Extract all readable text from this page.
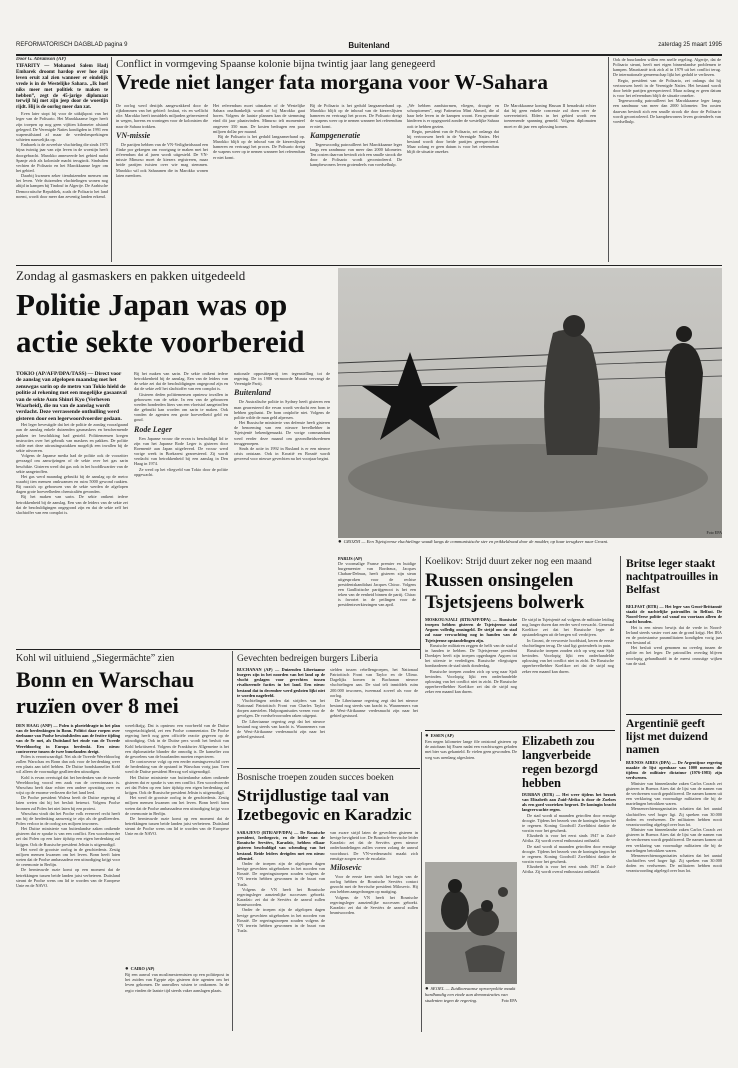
REFORMATORISCH DAGBLAD pagina 9	Buitenland	zaterdag 25 maart 1995
Door G. Abramson (AP)

TIFARITY — Mohamed Salem Hadj Embarek droomt hardop over hoe zijn leven eruit zal zien wanneer er eindelijk vrede is in de Westelijke Sahara. „Ik hoef niks meer met politiek te maken te hebben”, zegt de 45-jarige diplomaat terwijl hij met zijn jeep door de woestijn rijdt. Hij is de oorlog meer dan zat.

Even later stopt hij voor de uitkijkpost van het leger van de Polisario. Het Marokkaanse leger heeft zijn troepen op nog geen vijftien kilometer afstand gelegerd. De Verenigde Naties kondigden in 1991 een wapenstilstand af maar de vredesbesprekingen schieten nauwelijks op.

Embarek is de zoveelste vluchteling die sinds 1975 bijna twintig jaar van zijn leven in de woestijn heeft doorgebracht. Marokko annexeerde het gebied nadat Spanje zich als koloniale macht terugtrok. Sindsdien vechten de Polisario en het Marokkaanse leger om het gebied.

Daarbij kwamen zeker tienduizenden mensen om het leven. Vele duizenden vluchtelingen wonen nog altijd in kampen bij Tindouf in Algerije. De Arabische Democratische Republiek, zoals de Polisario het land noemt, wordt door meer dan zeventig landen erkend.

Conflict in vormgeving Spaanse kolonie bijna twintig jaar lang genegeerd
Vrede niet langer fata morgana voor W-Sahara

De oorlog werd destijds aangewakkerd door de rijkdommen van het gebied: fosfaat, vis en wellicht olie. Marokko heeft inmiddels miljarden geïnvesteerd in wegen, havens en woningen voor de kolonisten die naar de Sahara trokken.

VN-missie

De partijen hebben van de VN-Veiligheidsraad een flinke por gekregen om voortgang te maken met het referendum dat al jaren wordt uitgesteld. De VN-missie Minurso moet de kiezers registreren, maar beide partijen twisten over wie mag stemmen. Marokko wil ook Saharanen die in Marokko wonen laten meedoen.

Het referendum moet uitmaken of de Westelijke Sahara onafhankelijk wordt of bij Marokko gaat horen. Volgens de laatste plannen kan de stemming eind dit jaar plaatsvinden. Minurso telt momenteel ongeveer 350 man. De kosten bedragen een paar miljoen dollar per maand.

Bij de Polisario is het geduld langzamerhand op. Marokko blijft op de inhoud van de kiezerslijsten hameren en vertraagt het proces. De Polisario dreigt de wapens weer op te nemen wanneer het referendum er niet komt.

Bij de Polisario is het geduld langzamerhand op. Marokko blijft op de inhoud van de kiezerslijsten hameren en vertraagt het proces. De Polisario dreigt de wapens weer op te nemen wanneer het referendum er niet komt.

Kampgeneratie

Tegenwoordig patrouilleert het Marokkaanse leger langs een zandmuur van meer dan 2000 kilometer. Ten oosten daarvan bevindt zich een smalle strook die door de Polisario wordt gecontroleerd. De kampbewoners leven grotendeels van voedselhulp.

„We hebben zandstormen, vliegen, droogte en schorpioenen”, zegt Fatimetou Mint Ahmed, die al haar hele leven in de kampen woont. Een generatie kinderen is er opgegroeid zonder de westelijke Sahara ooit te hebben gezien.

Regio, president van de Polisario, zei onlangs dat hij vertrouwen heeft in de Verenigde Naties. Het bestand wordt door beide partijen gerespecteerd. Maar zolang er geen datum is voor het referendum blijft de situatie onzeker.

De Marokkaanse koning Hassan II benadrukt echter dat hij geen enkele concessie zal doen over de soevereiniteit. Elders in het gebied wordt een toenemende spanning gemeld. Volgens diplomaten moet er dit jaar een oplossing komen.

Ook de buurlanden willen een snelle regeling. Algerije, dat de Polisario steunt, heeft met eigen binnenlandse problemen te kampen. Mauritanië trok zich al in 1979 uit het conflict terug. De internationale gemeenschap lijkt het geduld te verliezen.

Regio, president van de Polisario, zei onlangs dat hij vertrouwen heeft in de Verenigde Naties. Het bestand wordt door beide partijen gerespecteerd. Maar zolang er geen datum is voor het referendum blijft de situatie onzeker.

Tegenwoordig patrouilleert het Marokkaanse leger langs een zandmuur van meer dan 2000 kilometer. Ten oosten daarvan bevindt zich een smalle strook die door de Polisario wordt gecontroleerd. De kampbewoners leven grotendeels van voedselhulp.

Zondag al gasmaskers en pakken uitgedeeld
Politie Japan was op actie sekte voorbereid

TOKIO (AP/AFP/DPA/TASS) — Direct voor de aanslag van afgelopen maandag met het zenuwgas sarin op de metro van Tokio hield de politie al rekening met een mogelijke gasaanval van de sekte Aum Shinri Kyo (Verheven Waarheid), die nu van de aanslag wordt verdacht. Deze verrassende onthulling werd gisteren door een legerwoordvoerder gedaan.

Het leger bevestigde dat het de politie de zondag voorafgaand aan de aanslag enkele duizenden gasmaskers en beschermende pakken ter beschikking had gesteld. Politiemensen kregen instructies over het gebruik van maskers en pakken. De politie wilde met deze uitrustingsstukken mogelijk een invallen bij de sekte uitvoeren.

Volgens de Japanse media had de politie ook de voorzitter gevraagd om aanwijzingen of de sekte over het gas sarin beschikte. Gisteren werd dat gas ook in het hoofdkwartier van de sekte aangetroffen.

Het gas werd maandag gebruikt bij de aanslag op de metro waarbij tien mensen omkwamen en ruim 5000 gewond raakten. Bij razzia's op gebouwen van de sekte werden de afgelopen dagen grote hoeveelheden chemicaliën gevonden.

Bij het maken van sarin. De sekte ontkent iedere betrokkenheid bij de aanslag. Een van de leiders van de sekte zei dat de beschuldigingen ongegrond zijn en dat de sekte zelf het slachtoffer van een complot is.

Bij het maken van sarin. De sekte ontkent iedere betrokkenheid bij de aanslag. Een van de leiders van de sekte zei dat de beschuldigingen ongegrond zijn en dat de sekte zelf het slachtoffer van een complot is.

Gisteren deden politiemensen opnieuw invallen in gebouwen van de sekte. In een van de gebouwen werden honderden liters van een vloeistof aangetroffen die gebruikt kan worden om sarin te maken. Ook vonden de agenten een grote hoeveelheid geld en goud.

Rode Leger

Een Japanse vrouw die ervan is beschuldigd lid te zijn van het Japanse Rode Leger is gisteren door Roemenië aan Japan uitgeleverd. De vrouw werd vorige week in Boekarest gearresteerd. Zij wordt verdacht van betrokkenheid bij een aanslag in Den Haag in 1974.

Ze werd op het vliegveld van Tokio door de politie opgewacht.

nationale oppositiepartij ten tegenstelling tot de regering. De in 1988 vermoorde Murata vervangt de Verenigde Partij.

Buitenland

De Australische politie in Sydney heeft gisteren een man gearresteerd die ervan wordt verdacht een bom te hebben geplaatst. De bom ontplofte niet. Volgens de politie wilde de man geld afpersen.

Het Russische ministerie van defensie heeft gisteren de benoeming van een nieuwe bevelhebber in Tsjetsjenië bekendgemaakt. De vorige commandant werd eerder deze maand om gezondheidsredenen teruggeroepen.

Sinds de actie in 1992 in Rusland is er een nieuwe crisis ontstaan. Ook in Kroatië en Bosnië wordt gevreesd voor nieuwe gevechten nu het voorjaar begint.

● GROZNI — Een Tsjetsjeense vluchtelinge waadt langs de communistische ster en prikkeldraad door de modder, op haar terugkeer naar Grozni.
Foto EPA

PARIJS (AP)

De voormalige Franse premier en huidige burgemeester van Bordeaux, Jacques Chaban-Delmas, heeft gisteren zijn steun uitgesproken voor de rechtse presidentskandidaat Jacques Chirac. Volgens een Gaullistische partijgenoot is het een teken van de eenheid binnen de partij. Chirac is favoriet in de peilingen voor de presidentsverkiezingen van april.

Koelikov: Strijd duurt zeker nog een maand
Russen onsingelen Tsjetsjeens bolwerk

MOSKOU/SJALI (RTR/AFP/DPA) — Russische troepen hebben gisteren de Tsjetsjeense stad Argoen volledig omsingeld. De strijd om de stad zal naar verwachting nog in handen van de Tsjetsjeense opstandelingen zijn.

Russische militairen zeggen de helft van de stad al in handen te hebben. De Tsjetsjeense president Doedajev heeft zijn troepen opgedragen Argoen tot het uiterste te verdedigen. Russische vliegtuigen bombarderen de stad sinds donderdag.

Russische troepen zouden zich op weg naar Sjali bevinden. Voorlopig lijkt een onderhandelde oplossing van het conflict niet in zicht. De Russische opperbevelhebber Koelikov zei dat de strijd nog zeker een maand kan duren.

De strijd in Tsjetsjenië zal volgens de militaire leiding nog langer duren dan eerder werd verwacht. Generaal Koelikov zei dat het Russische leger de opstandelingen uit de bergen wil verdrijven.

In Grozni, de verwoeste hoofdstad, keren de eerste vluchtelingen terug. De stad ligt grotendeels in puin.

Russische troepen zouden zich op weg naar Sjali bevinden. Voorlopig lijkt een onderhandelde oplossing van het conflict niet in zicht. De Russische opperbevelhebber Koelikov zei dat de strijd nog zeker een maand kan duren.

Britse leger staakt nachtpatrouilles in Belfast

BELFAST (RTR) — Het leger van Groot-Brittannië staakt de nachtelijke patrouilles in Belfast. De Noord-Ierse politie zal vanaf nu voortaan alleen de wacht houden.

Het is een nieuw bewijs dat de vrede in Noord-Ierland steeds vaster voet aan de grond krijgt. Het IRA en de protestantse paramilitairen kondigden vorig jaar een bestand af.

Het besluit werd genomen na overleg tussen de politie en het leger. De patrouilles overdag blijven voorlopig gehandhaafd in de meest onrustige wijken van de stad.

Argentinië geeft lijst met duizend namen

BUENOS AIRES (DPA) — De Argentijnse regering maakte de lijst openbaar van 1000 mensen die tijdens de militaire dictatuur (1976-1983) zijn verdwenen.

Minister van binnenlandse zaken Carlos Corach zei gisteren in Buenos Aires dat de lijst van de namen van de verdwenen wordt gepubliceerd. De namen komen uit een verklaring van voormalige militairen die bij de martelingen betrokken waren.

Mensenrechtenorganisaties schatten dat het aantal slachtoffers veel hoger ligt. Zij spreken van 30.000 doden en verdwenen. De militairen hebben nooit verantwoording afgelegd over hun lot.

Minister van binnenlandse zaken Carlos Corach zei gisteren in Buenos Aires dat de lijst van de namen van de verdwenen wordt gepubliceerd. De namen komen uit een verklaring van voormalige militairen die bij de martelingen betrokken waren.

Mensenrechtenorganisaties schatten dat het aantal slachtoffers veel hoger ligt. Zij spreken van 30.000 doden en verdwenen. De militairen hebben nooit verantwoording afgelegd over hun lot.

Kohl wil uitluiend „Siegermächte” zien
Bonn en Warschau ruzïen over 8 mei

DEN HAAG (ANP) — Polen is ploeteldragte in het plan van de herdenkingen in Bonn. Politici daar roepen over deelname van Poolse bewindslieden aan de festive tijding van de 8e mei, als Duitsland het einde van de Tweede Wereldoorlog in Europa herdenkt. Een nieuw controverse tussen de twee buurlanden dreigt.

Polen is verontwaardigd. Net als de Tweede Wereldoorlog zullen Warschau en Bonn dan ook voor de herdenking weer een plaats aan tafel hebben. De Duitse bondskanselier Kohl wil alleen de voormalige geallieerden uitnodigen.

Kohl is ervan overtuigd dat het herdenken van de tweede Wereldoorlog vooral een zaak van de overwinnaars is. Warschau heeft daar echter een andere opvatting over en wijst op de enorme verliezen die het land leed.

De Poolse president Walesa heeft de Duitse regering al laten weten dat hij het besluit betreurt. Volgens Poolse bronnen zal Polen het niet laten bij een protest.

Warschau vindt dat het Poolse volk evenveel recht heeft om bij de herdenking aanwezig te zijn als de geallieerden. Polen verloor in de oorlog zes miljoen inwoners.

Het Duitse ministerie van buitenlandse zaken ontkende gisteren dat er sprake is van een conflict. Een woordvoerder zei dat Polen op een later tijdstip een eigen herdenking zal krijgen. Ook de Russische president Jeltsin is uitgenodigd.

Het werd de grootste oorlog in de geschiedenis. Zestig miljoen mensen kwamen om het leven. Bonn heeft laten weten dat de Poolse ambassadeur een uitnodiging krijgt voor de ceremonie in Berlijn.

De hernieuwde ruzie komt op een moment dat de betrekkingen tussen beide landen juist verbeteren. Duitsland steunt de Poolse wens om lid te worden van de Europese Unie en de NAVO.

wereldkrijg. Dat is opnieuw een voorbeeld van de Duitse vergeetachtigheid, zei een Poolse commentator. De Poolse regering heeft nog geen officiële reactie gegeven op de uitnodiging. Ook in de Duitse pers wordt het besluit van Kohl bekritiseerd. Volgens de Frankfurter Allgemeine is het een diplomatieke blunder die onnodig is. De kanselier zou de gevoelens van de buurlanden moeten respecteren.

De controverse volgt op een eerder meningsverschil over de herdenking van de opstand in Warschau vorig jaar. Toen werd de Duitse president Herzog wel uitgenodigd.

Het Duitse ministerie van buitenlandse zaken ontkende gisteren dat er sprake is van een conflict. Een woordvoerder zei dat Polen op een later tijdstip een eigen herdenking zal krijgen. Ook de Russische president Jeltsin is uitgenodigd.

Het werd de grootste oorlog in de geschiedenis. Zestig miljoen mensen kwamen om het leven. Bonn heeft laten weten dat de Poolse ambassadeur een uitnodiging krijgt voor de ceremonie in Berlijn.

De hernieuwde ruzie komt op een moment dat de betrekkingen tussen beide landen juist verbeteren. Duitsland steunt de Poolse wens om lid te worden van de Europese Unie en de NAVO.

● CAIRO (AP)

Bij een aanval van moslimextremisten op een politiepost in het zuiden van Egypte zijn gisteren drie agenten om het leven gekomen. De aanvallers wisten te ontkomen. In de regio vinden de laatste tijd steeds vaker aanslagen plaats.

Gevechten bedreigen burgers Liberia

BUCHANAN (AP) — Duizenden Liberiaanse burgers zijn in het noorden van het land op de vlucht geslagen voor gevechten tussen rivaliserende facties in het land. Een nieuw bestand dat in december werd gesloten lijkt niet te worden nageleefd.

Vluchtelingen zeiden dat strijders van het Nationaal Patriottisch Front van Charles Taylor dorpen aanvielen. Hulporganisaties vrezen voor de gevolgen. De voedselvoorraden raken uitgeput.

De Liberiaanse regering zegt dat het nieuwe bestand nog steeds van kracht is. Waarnemers van de West-Afrikaanse vredesmacht zijn naar het gebied gestuurd.

stelden tussen rebellengroepen, het Nationaal Patriottisch Front van Taylor en de Ulimo. Dagelijks komen in Buchanan nieuwe vluchtelingen aan. De stad telt inmiddels ruim 200.000 inwoners, tweemaal zoveel als voor de oorlog.

De Liberiaanse regering zegt dat het nieuwe bestand nog steeds van kracht is. Waarnemers van de West-Afrikaanse vredesmacht zijn naar het gebied gestuurd.

Bosnische troepen zouden succes boeken
Strijdlustige taal van Izetbegovic en Karadzic

SARAJEVO (RTR/AFP/DPA) — De Bosnische president, Izetbegovic, en de leider van de Bosnische Serviërs, Karadzic, hebben elkaar gisteren beschuldigd van schending van het bestand. Beide leiders dreigden met een nieuw offensief.

Onder de troepen zijn de afgelopen dagen hevige gevechten uitgebroken in het noorden van Bosnië. De regeringstroepen zouden volgens de VN terrein hebben gewonnen in de buurt van Tuzla.

Volgens de VN heeft het Bosnische regeringsleger aanzienlijke successen geboekt. Karadzic zei dat de Serviërs de aanval zullen beantwoorden.

Onder de troepen zijn de afgelopen dagen hevige gevechten uitgebroken in het noorden van Bosnië. De regeringstroepen zouden volgens de VN terrein hebben gewonnen in de buurt van Tuzla.

van zware strijd laten de gevechten gisteren in hevige hevigheid toe. De Bosnisch-Servische leider Karadzic zei dat de Serviërs geen nieuwe onderhandelingen zullen voeren zolang de aanval voortduurt. De VN-vredesmacht maakt zich ernstige zorgen over de escalatie.

Milosevic

Voor de eerste keer sinds het begin van de oorlog hebben de Bosnische Serviërs contact gezocht met de Servische president Milosevic. Hij zou hebben aangedrongen op matiging.

Volgens de VN heeft het Bosnische regeringsleger aanzienlijke successen geboekt. Karadzic zei dat de Serviërs de aanval zullen beantwoorden.

● ESSEN (AP)

Een negen kilometer lange file ontstond gisteren op de autobaan bij Essen nadat een vrachtwagen geladen met bier was gekanteld. Er vielen geen gewonden. De weg was urenlang afgesloten.

Elizabeth zou langverbeide regen bezorgd hebben

DURBAN (RTR) — Het weer tijdens het bezoek van Elizabeth aan Zuid-Afrika is door de Zoeloes als een goed voorteken begroet. De koningin bracht langverwachte regen.

De stad wordt al maanden getroffen door ernstige droogte. Tijdens het bezoek van de koningin begon het te regenen. Koning Goodwill Zwelithini dankte de vorstin voor het geschenk.

Elizabeth is voor het eerst sinds 1947 in Zuid-Afrika. Zij wordt overal enthousiast onthaald.

De stad wordt al maanden getroffen door ernstige droogte. Tijdens het bezoek van de koningin begon het te regenen. Koning Goodwill Zwelithini dankte de vorstin voor het geschenk.

Elizabeth is voor het eerst sinds 1947 in Zuid-Afrika. Zij wordt overal enthousiast onthaald.

● SEOEL — Zuidkoreaanse oproerpolitie maakt hardhandig een einde aan demonstraties van studenten tegen de regering.	Foto EPA
